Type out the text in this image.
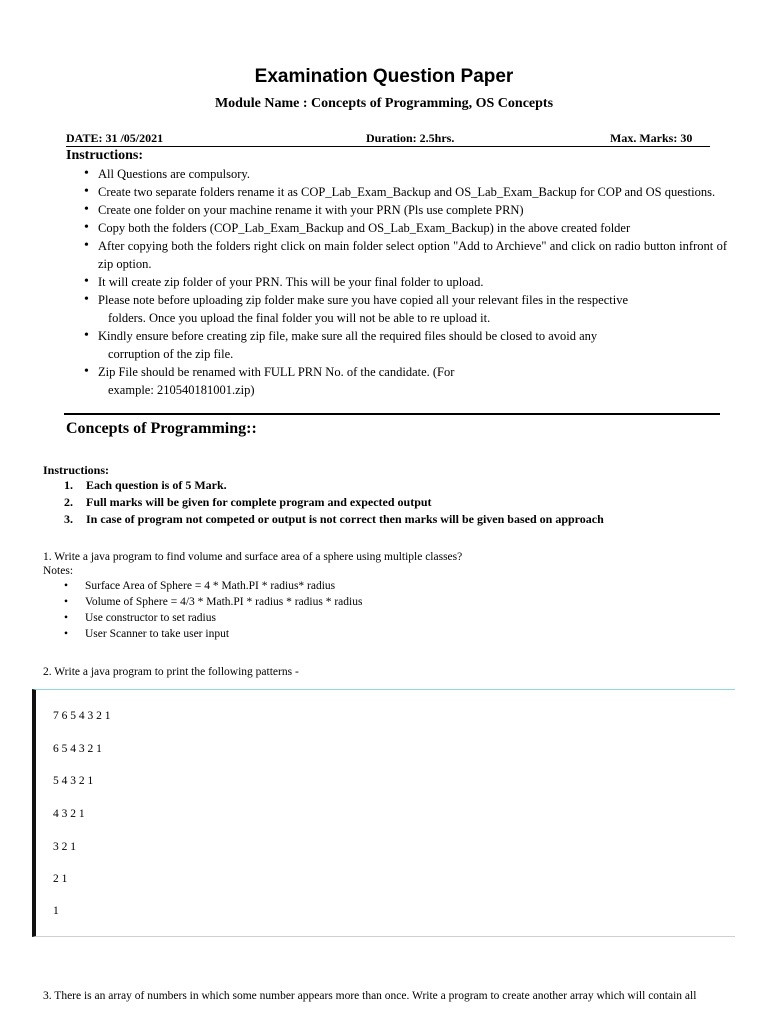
Examination Question Paper
Module Name : Concepts of Programming, OS Concepts
DATE: 31 /05/2021	Duration: 2.5hrs.	Max. Marks: 30
Instructions:
• All Questions are compulsory.
• Create two separate folders rename it as COP_Lab_Exam_Backup and OS_Lab_Exam_Backup for COP and OS questions.
• Create one folder on your machine rename it with your PRN (Pls use complete PRN)
• Copy both the folders (COP_Lab_Exam_Backup and OS_Lab_Exam_Backup) in the above created folder
• After copying both the folders right click on main folder select option "Add to Archieve" and click on radio button infront of zip option.
• It will create zip folder of your PRN. This will be your final folder to upload.
• Please note before uploading zip folder make sure you have copied all your relevant files in the respective
folders. Once you upload the final folder you will not be able to re upload it.
• Kindly ensure before creating zip file, make sure all the required files should be closed to avoid any
corruption of the zip file.
• Zip File should be renamed with FULL PRN No. of the candidate. (For
example: 210540181001.zip)
Concepts of Programming::
Instructions:
1. Each question is of 5 Mark.
2. Full marks will be given for complete program and expected output
3. In case of program not competed or output is not correct then marks will be given based on approach
1. Write a java program to find volume and surface area of a sphere using multiple classes?
Notes:
• Surface Area of Sphere = 4 * Math.PI * radius* radius
• Volume of Sphere = 4/3 * Math.PI * radius * radius * radius
• Use constructor to set radius
• User Scanner to take user input
2. Write a java program to print the following patterns -
7 6 5 4 3 2 1
6 5 4 3 2 1
5 4 3 2 1
4 3 2 1
3 2 1
2 1
1
3. There is an array of numbers in which some number appears more than once. Write a program to create another array which will contain all
